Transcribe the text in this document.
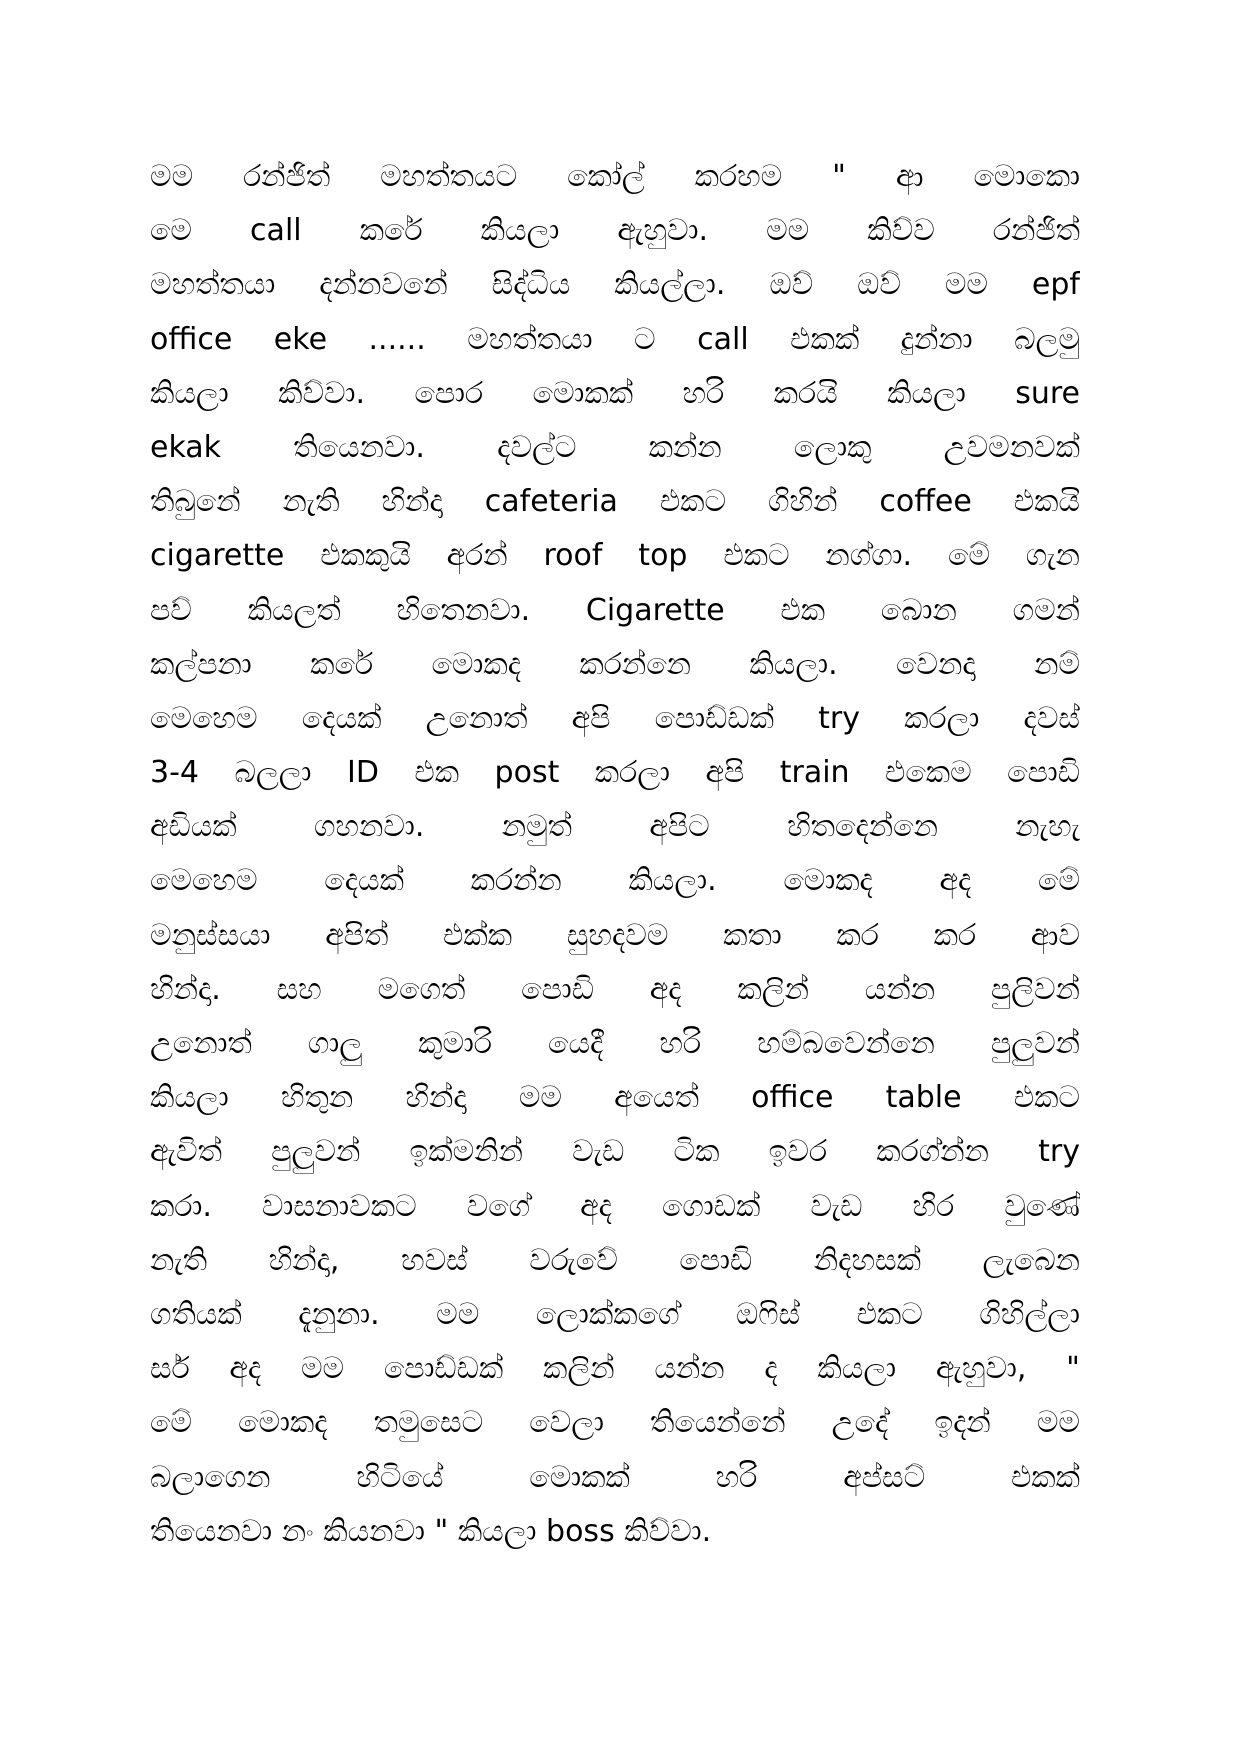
මම රන්ජිත් මහත්තයට කෝල් කරහම " ආ මොකො
මෙ call කරේ කියලා ඇහුවා. මම කිව්ව රන්ජිත්
මහත්තයා දන්නවනේ සිද්ධිය කියල්ලා. ඔව් ඔව් මම epf
office eke ...... මහත්තයා ට call එකක් දුන්නා බලමු
කියලා කිව්වා. පොර මොකක් හරි කරයි කියලා sure
ekak තියෙනවා. දවල්ට කන්න ලොකු උවමනවක්
තිබුනේ නැති හින්දා cafeteria එකට ගිහින් coffee එකයි
cigarette එකකුයි අරන් roof top එකට නග්ගා. මේ ගැන
පව් කියලත් හිතෙනවා. Cigarette එක බොන ගමන්
කල්පනා කරේ මොකද කරන්නෙ කියලා. වෙනදා නම්
මෙහෙම දෙයක් උනොත් අපි පොඩ්ඩක් try කරලා දවස්
3-4 බලලා ID එක post කරලා අපි train එකෙම පොඩි
අඩියක් ගහනවා. නමුත් අපිට හිතදෙන්නෙ නැහැ
මෙහෙම දෙයක් කරන්න කියලා. මොකද අද මේ
මනුස්සයා අපිත් එක්ක සුහදවම කතා කර කර ආව
හින්දා. සහ මගෙත් පොඩි අද කලින් යන්න පුලිවන්
උනොත් ගාලු කුමාරි යෙදී හරි හම්බවෙන්නෙ පුලුවන්
කියලා හිතුන හින්දා මම අයෙත් office table එකට
ඇවිත් පුලුවන් ඉක්මනින් වැඩ ටික ඉවර කරග්න්න try
කරා. වාසනාවකට වගේ අද ගොඩක් වැඩ හිර වුණේ
නැති හින්දා, හවස් වරුවේ පොඩි නිදහසක් ලැබෙන
ගතියක් දැනුනා. මම ලොක්කගේ ඔෆිස් එකට ගිහිල්ලා
සර් අද මම පොඩ්ඩක් කලින් යන්න ද කියලා ඇහුවා, "
මේ මොකද තමුසෙට වෙලා තියෙන්නේ උදේ ඉදන් මම
බලාගෙන හිටියේ මොකක් හරි අප්සට් එකක්
තියෙනවා නං කියනවා " කියලා boss කිව්වා.
